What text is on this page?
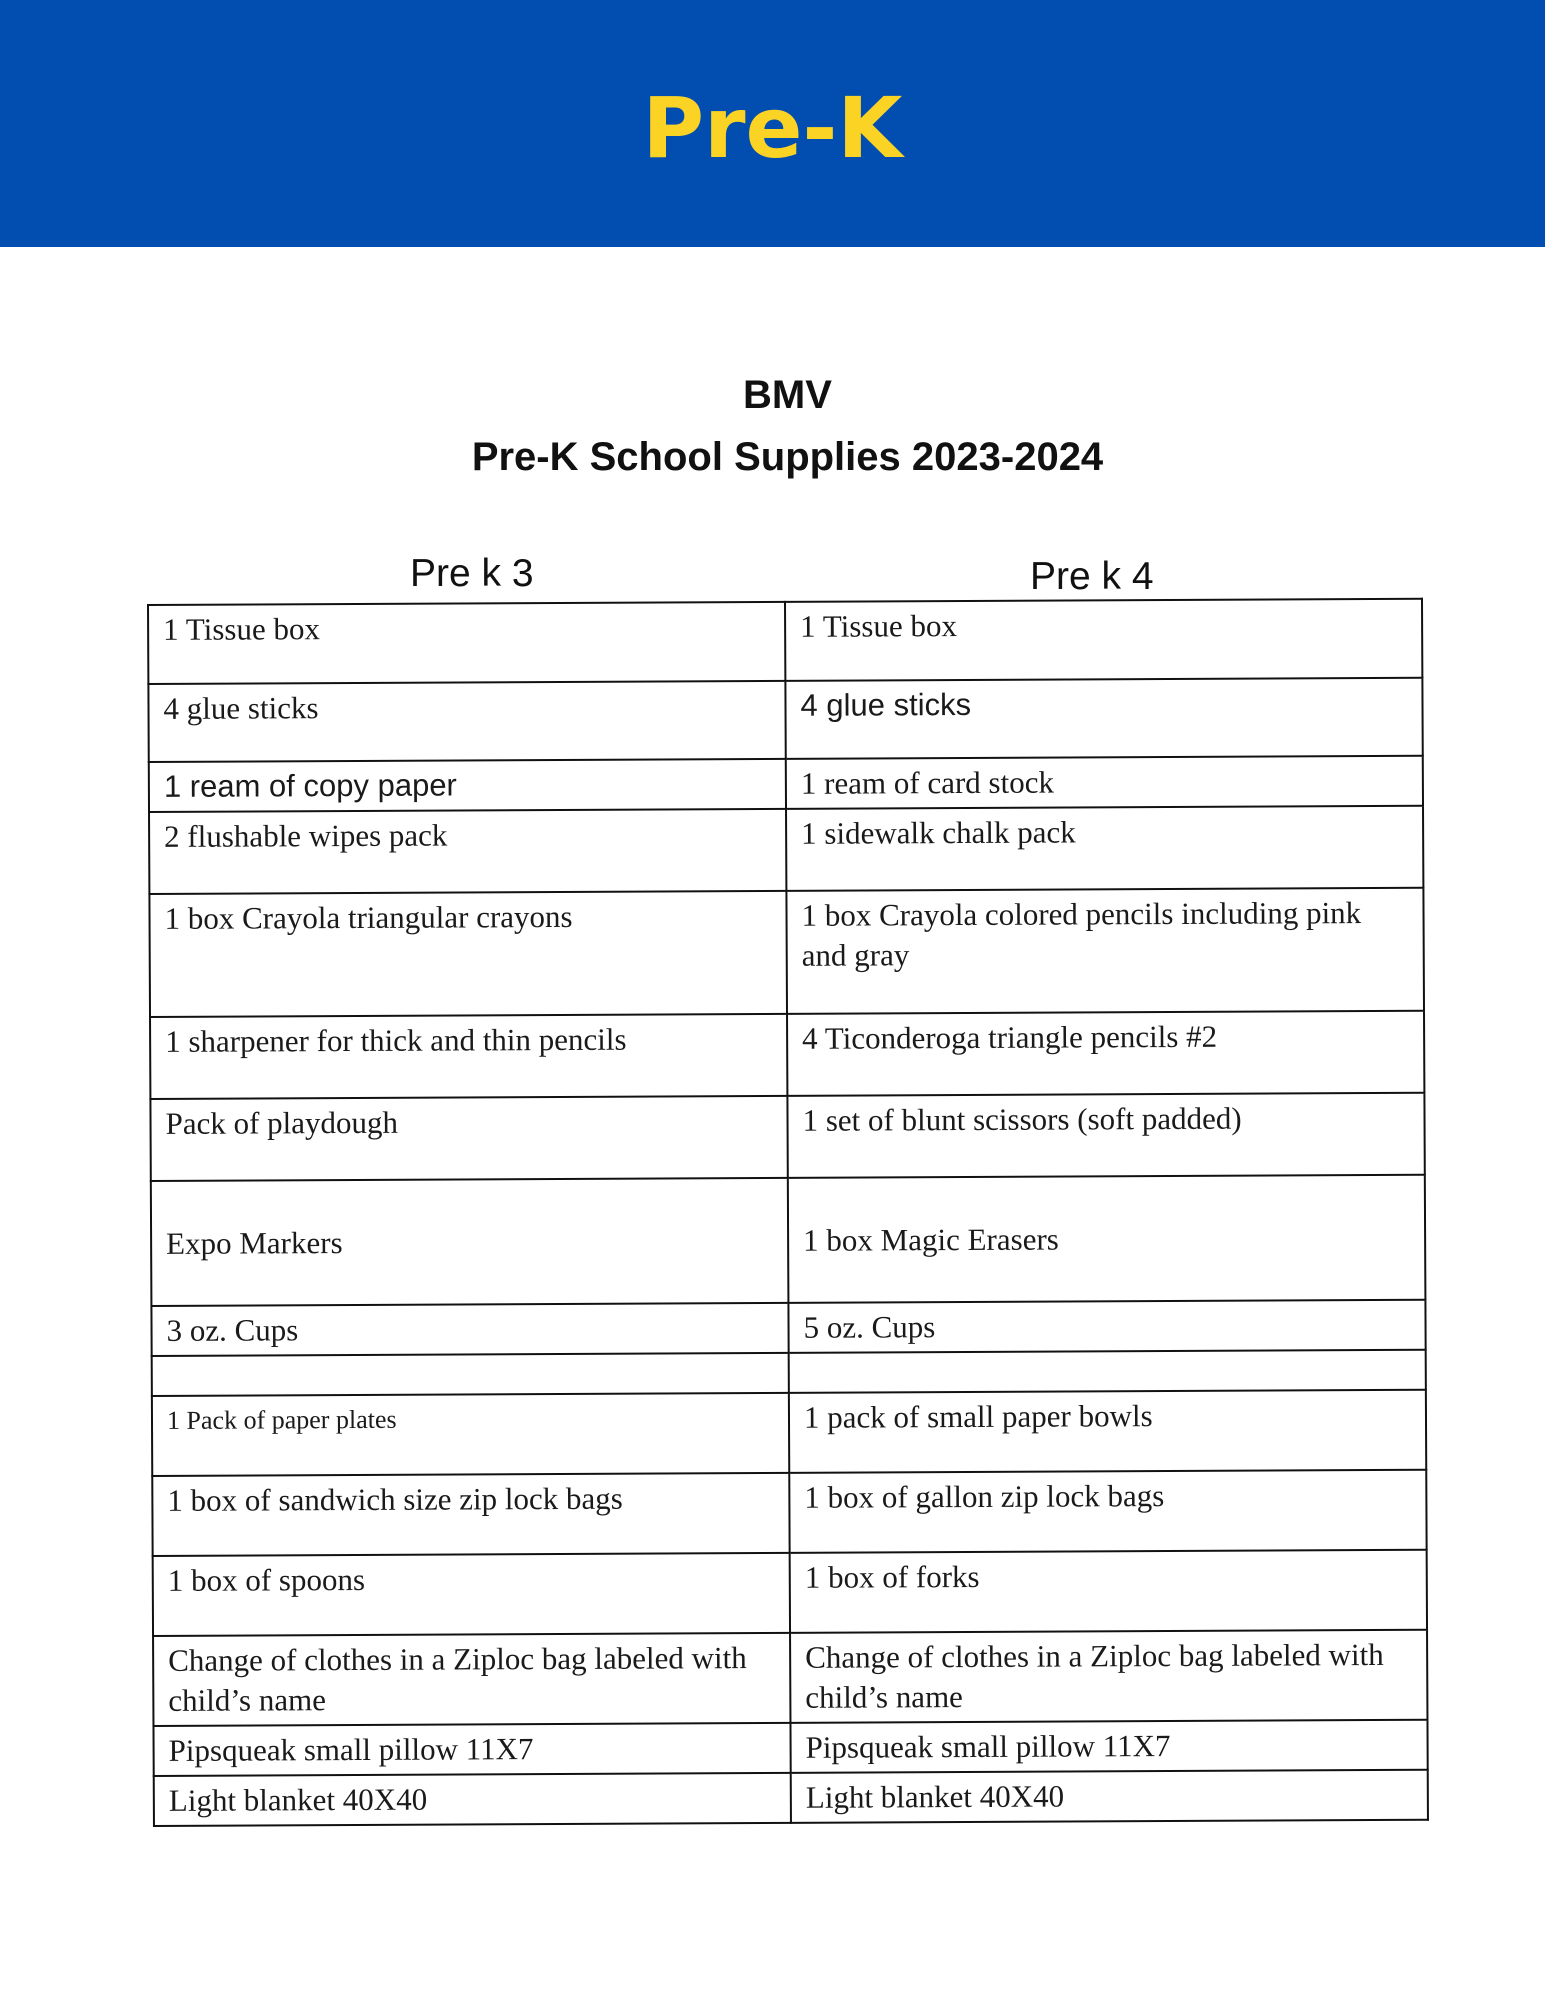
Pre-K
BMV
Pre-K School Supplies 2023-2024
Pre k 3	Pre k 4
1 Tissue box	1 Tissue box
4 glue sticks	4 glue sticks
1 ream of copy paper	1 ream of card stock
2 flushable wipes pack	1 sidewalk chalk pack
1 box Crayola triangular crayons	1 box Crayola colored pencils including pink and gray
1 sharpener for thick and thin pencils	4 Ticonderoga triangle pencils #2
Pack of playdough	1 set of blunt scissors (soft padded)
Expo Markers	1 box Magic Erasers
3 oz. Cups	5 oz. Cups

1 Pack of paper plates	1 pack of small paper bowls
1 box of sandwich size zip lock bags	1 box of gallon zip lock bags
1 box of spoons	1 box of forks
Change of clothes in a Ziploc bag labeled with child’s name	Change of clothes in a Ziploc bag labeled with child’s name
Pipsqueak small pillow 11X7	Pipsqueak small pillow 11X7
Light blanket 40X40	Light blanket 40X40
